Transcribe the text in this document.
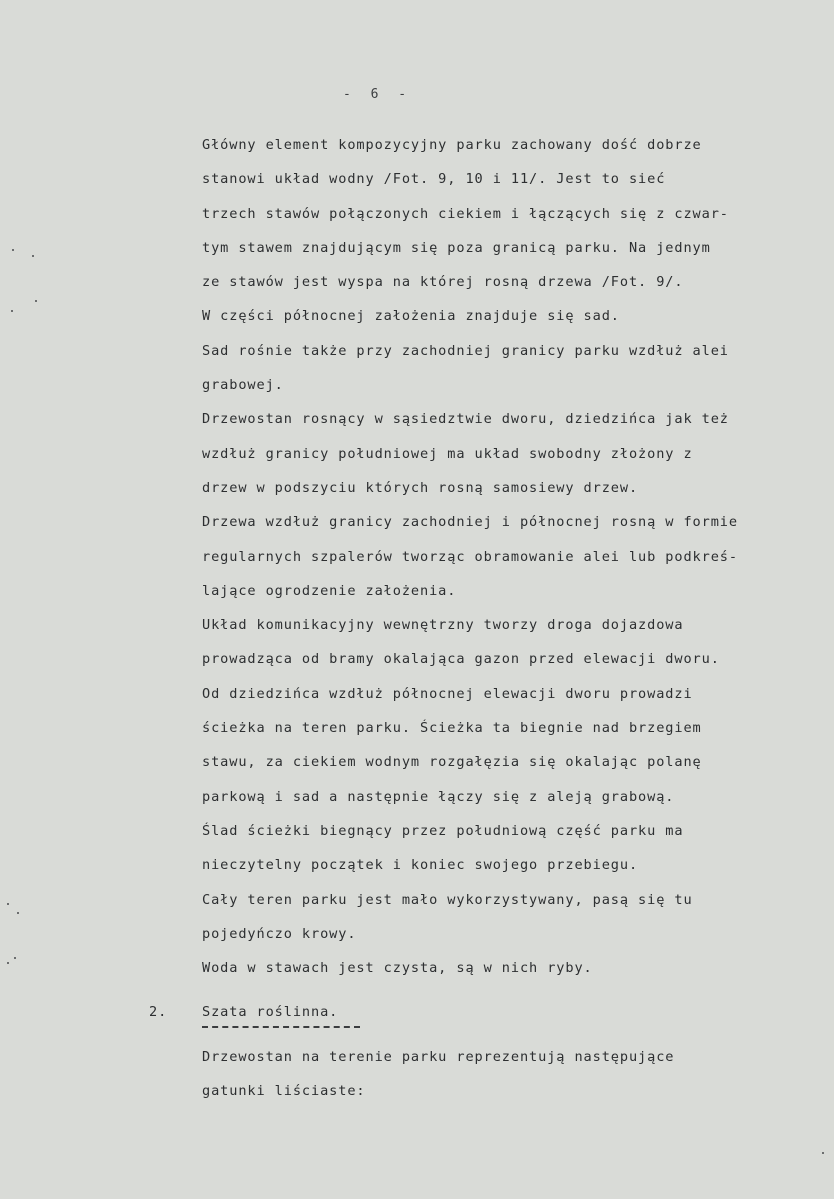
- 6 -
Główny element kompozycyjny parku zachowany dość dobrze
stanowi układ wodny /Fot. 9, 10 i 11/. Jest to sieć
trzech stawów połączonych ciekiem i łączących się z czwar-
tym stawem znajdującym się poza granicą parku. Na jednym
ze stawów jest wyspa na której rosną drzewa /Fot. 9/.
W części północnej założenia znajduje się sad.
Sad rośnie także przy zachodniej granicy parku wzdłuż alei
grabowej.
Drzewostan rosnący w sąsiedztwie dworu, dziedzińca jak też
wzdłuż granicy południowej ma układ swobodny złożony z
drzew w podszyciu których rosną samosiewy drzew.
Drzewa wzdłuż granicy zachodniej i północnej rosną w formie
regularnych szpalerów tworząc obramowanie alei lub podkreś-
lające ogrodzenie założenia.
Układ komunikacyjny wewnętrzny tworzy droga dojazdowa
prowadząca od bramy okalająca gazon przed elewacji dworu.
Od dziedzińca wzdłuż północnej elewacji dworu prowadzi
ścieżka na teren parku. Ścieżka ta biegnie nad brzegiem
stawu, za ciekiem wodnym rozgałęzia się okalając polanę
parkową i sad a następnie łączy się z aleją grabową.
Ślad ścieżki biegnący przez południową część parku ma
nieczytelny początek i koniec swojego przebiegu.
Cały teren parku jest mało wykorzystywany, pasą się tu
pojedyńczo krowy.
Woda w stawach jest czysta, są w nich ryby.
2.	Szata roślinna.
Drzewostan na terenie parku reprezentują następujące
gatunki liściaste:
